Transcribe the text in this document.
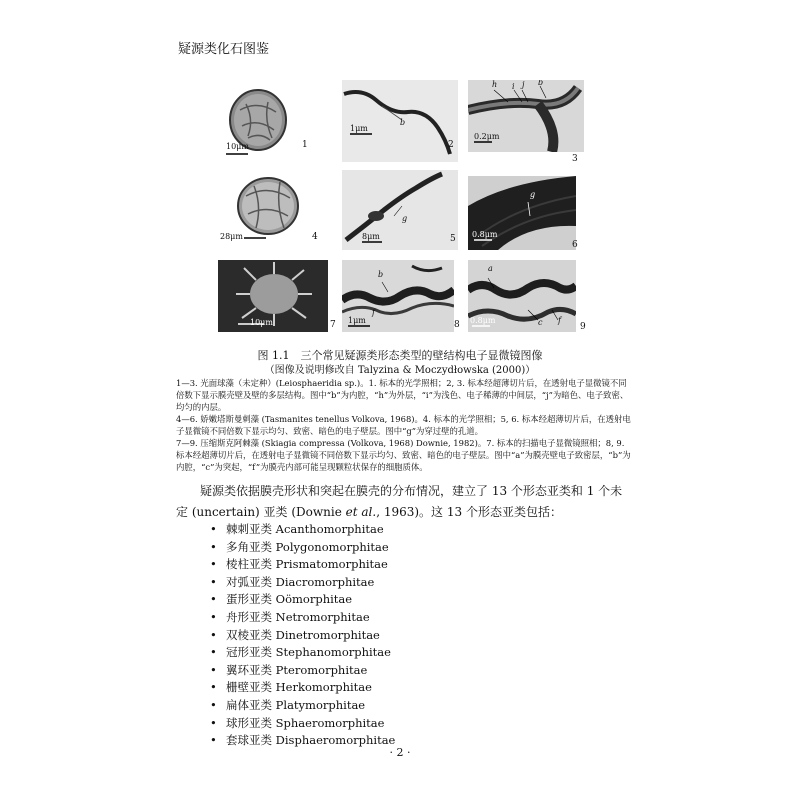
疑源类化石图鉴
10μm	1
1μm
b
2
h i j b
0.2μm
3
28μm	4
g
8μm	5
g
0.8μm
6
10μm	7
b
f
1μm	8
a
c f
0.8μm
9
图 1.1　三个常见疑源类形态类型的壁结构电子显微镜图像
（图像及说明修改自 Talyzina & Moczydłowska (2000)）

1—3. 光面球藻（未定种）(Leiosphaeridia sp.)。1. 标本的光学照相；2, 3. 标本经超薄切片后，在透射电子显微镜不同倍数下显示膜壳壁及壁的多层结构。图中“b”为内腔，“h”为外层，“i”为浅色、电子稀薄的中间层，“j”为暗色、电子致密、均匀的内层。

4—6. 娇嫩塔斯曼刺藻 (Tasmanites tenellus Volkova, 1968)。4. 标本的光学照相；5, 6. 标本经超薄切片后，在透射电子显微镜不同倍数下显示均匀、致密、暗色的电子壁层。图中“g”为穿过壁的孔道。

7—9. 压缩斯克阿棘藻 (Skiagia compressa (Volkova, 1968) Downie, 1982)。7. 标本的扫描电子显微镜照相；8, 9. 标本经超薄切片后，在透射电子显微镜不同倍数下显示均匀、致密、暗色的电子壁层。图中“a”为膜壳壁电子致密层，“b”为内腔，“c”为突起，“f”为膜壳内部可能呈现颗粒状保存的细胞质体。

疑源类依据膜壳形状和突起在膜壳的分布情况，建立了 13 个形态亚类和 1 个未定 (uncertain) 亚类 (Downie et al., 1963)。这 13 个形态亚类包括：
• 棘刺亚类 Acanthomorphitae
• 多角亚类 Polygonomorphitae
• 棱柱亚类 Prismatomorphitae
• 对弧亚类 Diacromorphitae
• 蛋形亚类 Oömorphitae
• 舟形亚类 Netromorphitae
• 双棱亚类 Dinetromorphitae
• 冠形亚类 Stephanomorphitae
• 翼环亚类 Pteromorphitae
• 栅壁亚类 Herkomorphitae
• 扁体亚类 Platymorphitae
• 球形亚类 Sphaeromorphitae
• 套球亚类 Disphaeromorphitae
· 2 ·
